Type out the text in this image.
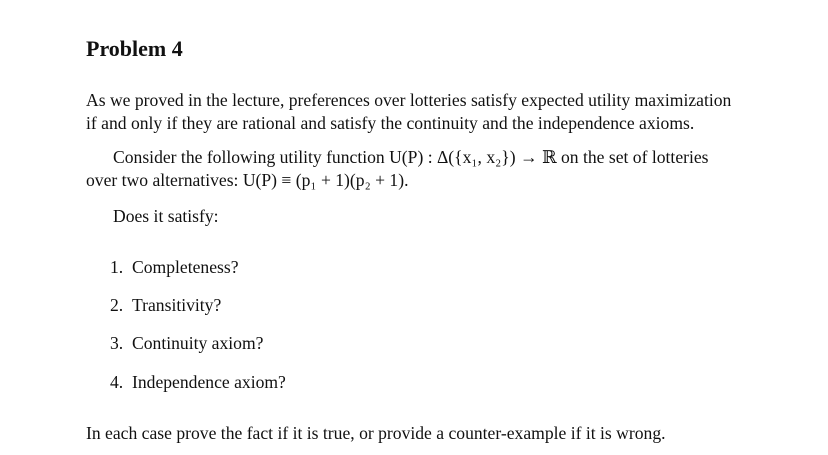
Problem 4
As we proved in the lecture, preferences over lotteries satisfy expected utility maximization
if and only if they are rational and satisfy the continuity and the independence axioms.
Consider the following utility function U(P) : Δ({x₁, x₂}) → ℝ on the set of lotteries
over two alternatives: U(P) ≡ (p₁ + 1)(p₂ + 1).
Does it satisfy:
1. Completeness?
2. Transitivity?
3. Continuity axiom?
4. Independence axiom?
In each case prove the fact if it is true, or provide a counter-example if it is wrong.
